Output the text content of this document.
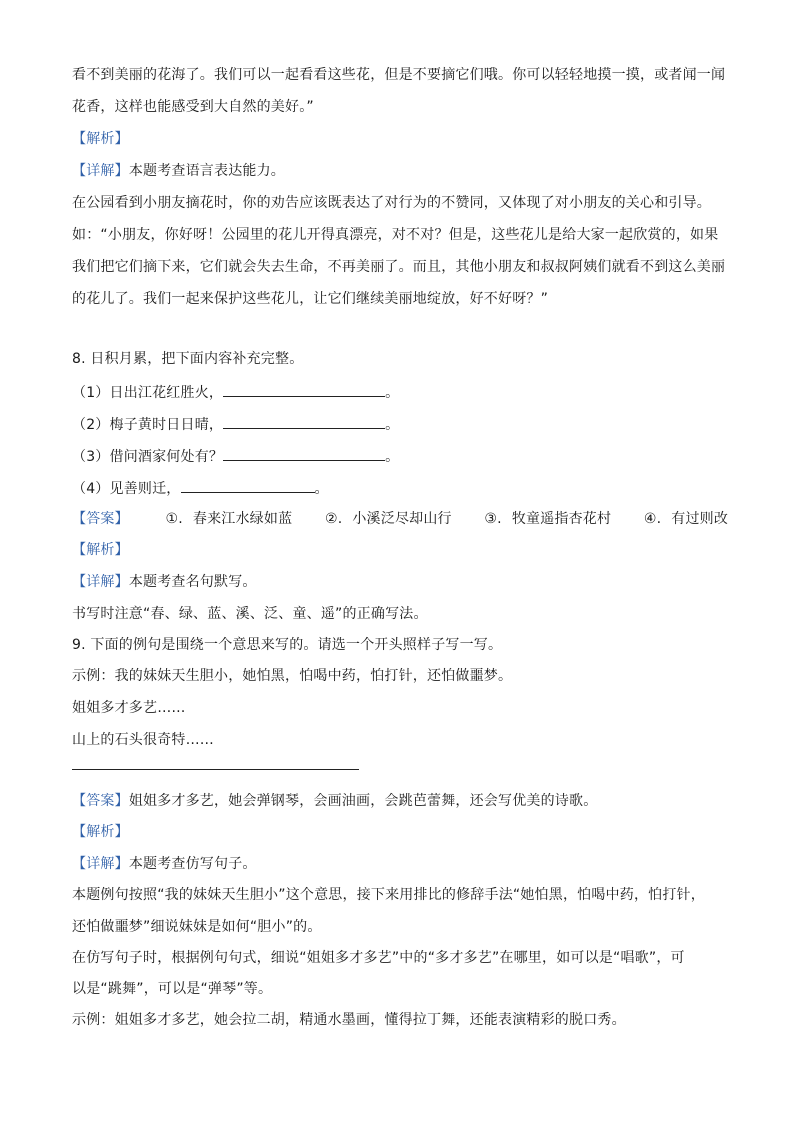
看不到美丽的花海了。我们可以一起看看这些花，但是不要摘它们哦。你可以轻轻地摸一摸，或者闻一闻
花香，这样也能感受到大自然的美好。”
【解析】
【详解】本题考查语言表达能力。
在公园看到小朋友摘花时，你的劝告应该既表达了对行为的不赞同，又体现了对小朋友的关心和引导。
如：“小朋友，你好呀！公园里的花儿开得真漂亮，对不对？但是，这些花儿是给大家一起欣赏的，如果
我们把它们摘下来，它们就会失去生命，不再美丽了。而且，其他小朋友和叔叔阿姨们就看不到这么美丽
的花儿了。我们一起来保护这些花儿，让它们继续美丽地绽放，好不好呀？”
8. 日积月累，把下面内容补充完整。
（1）日出江花红胜火，	。
（2）梅子黄时日日晴，	。
（3）借问酒家何处有？	。
（4）见善则迁，	。
【答案】	①. 春来江水绿如蓝 ②. 小溪泛尽却山行 ③. 牧童遥指杏花村 ④. 有过则改
【解析】
【详解】本题考查名句默写。
书写时注意“春、绿、蓝、溪、泛、童、遥”的正确写法。
9. 下面的例句是围绕一个意思来写的。请选一个开头照样子写一写。
示例：我的妹妹天生胆小，她怕黑，怕喝中药，怕打针，还怕做噩梦。
姐姐多才多艺……
山上的石头很奇特……
【答案】姐姐多才多艺，她会弹钢琴，会画油画，会跳芭蕾舞，还会写优美的诗歌。
【解析】
【详解】本题考查仿写句子。
本题例句按照“我的妹妹天生胆小”这个意思，接下来用排比的修辞手法“她怕黑，怕喝中药，怕打针，
还怕做噩梦”细说妹妹是如何“胆小”的。
在仿写句子时，根据例句句式，细说“姐姐多才多艺”中的“多才多艺”在哪里，如可以是“唱歌”，可
以是“跳舞”，可以是“弹琴”等。
示例：姐姐多才多艺，她会拉二胡，精通水墨画，懂得拉丁舞，还能表演精彩的脱口秀。
